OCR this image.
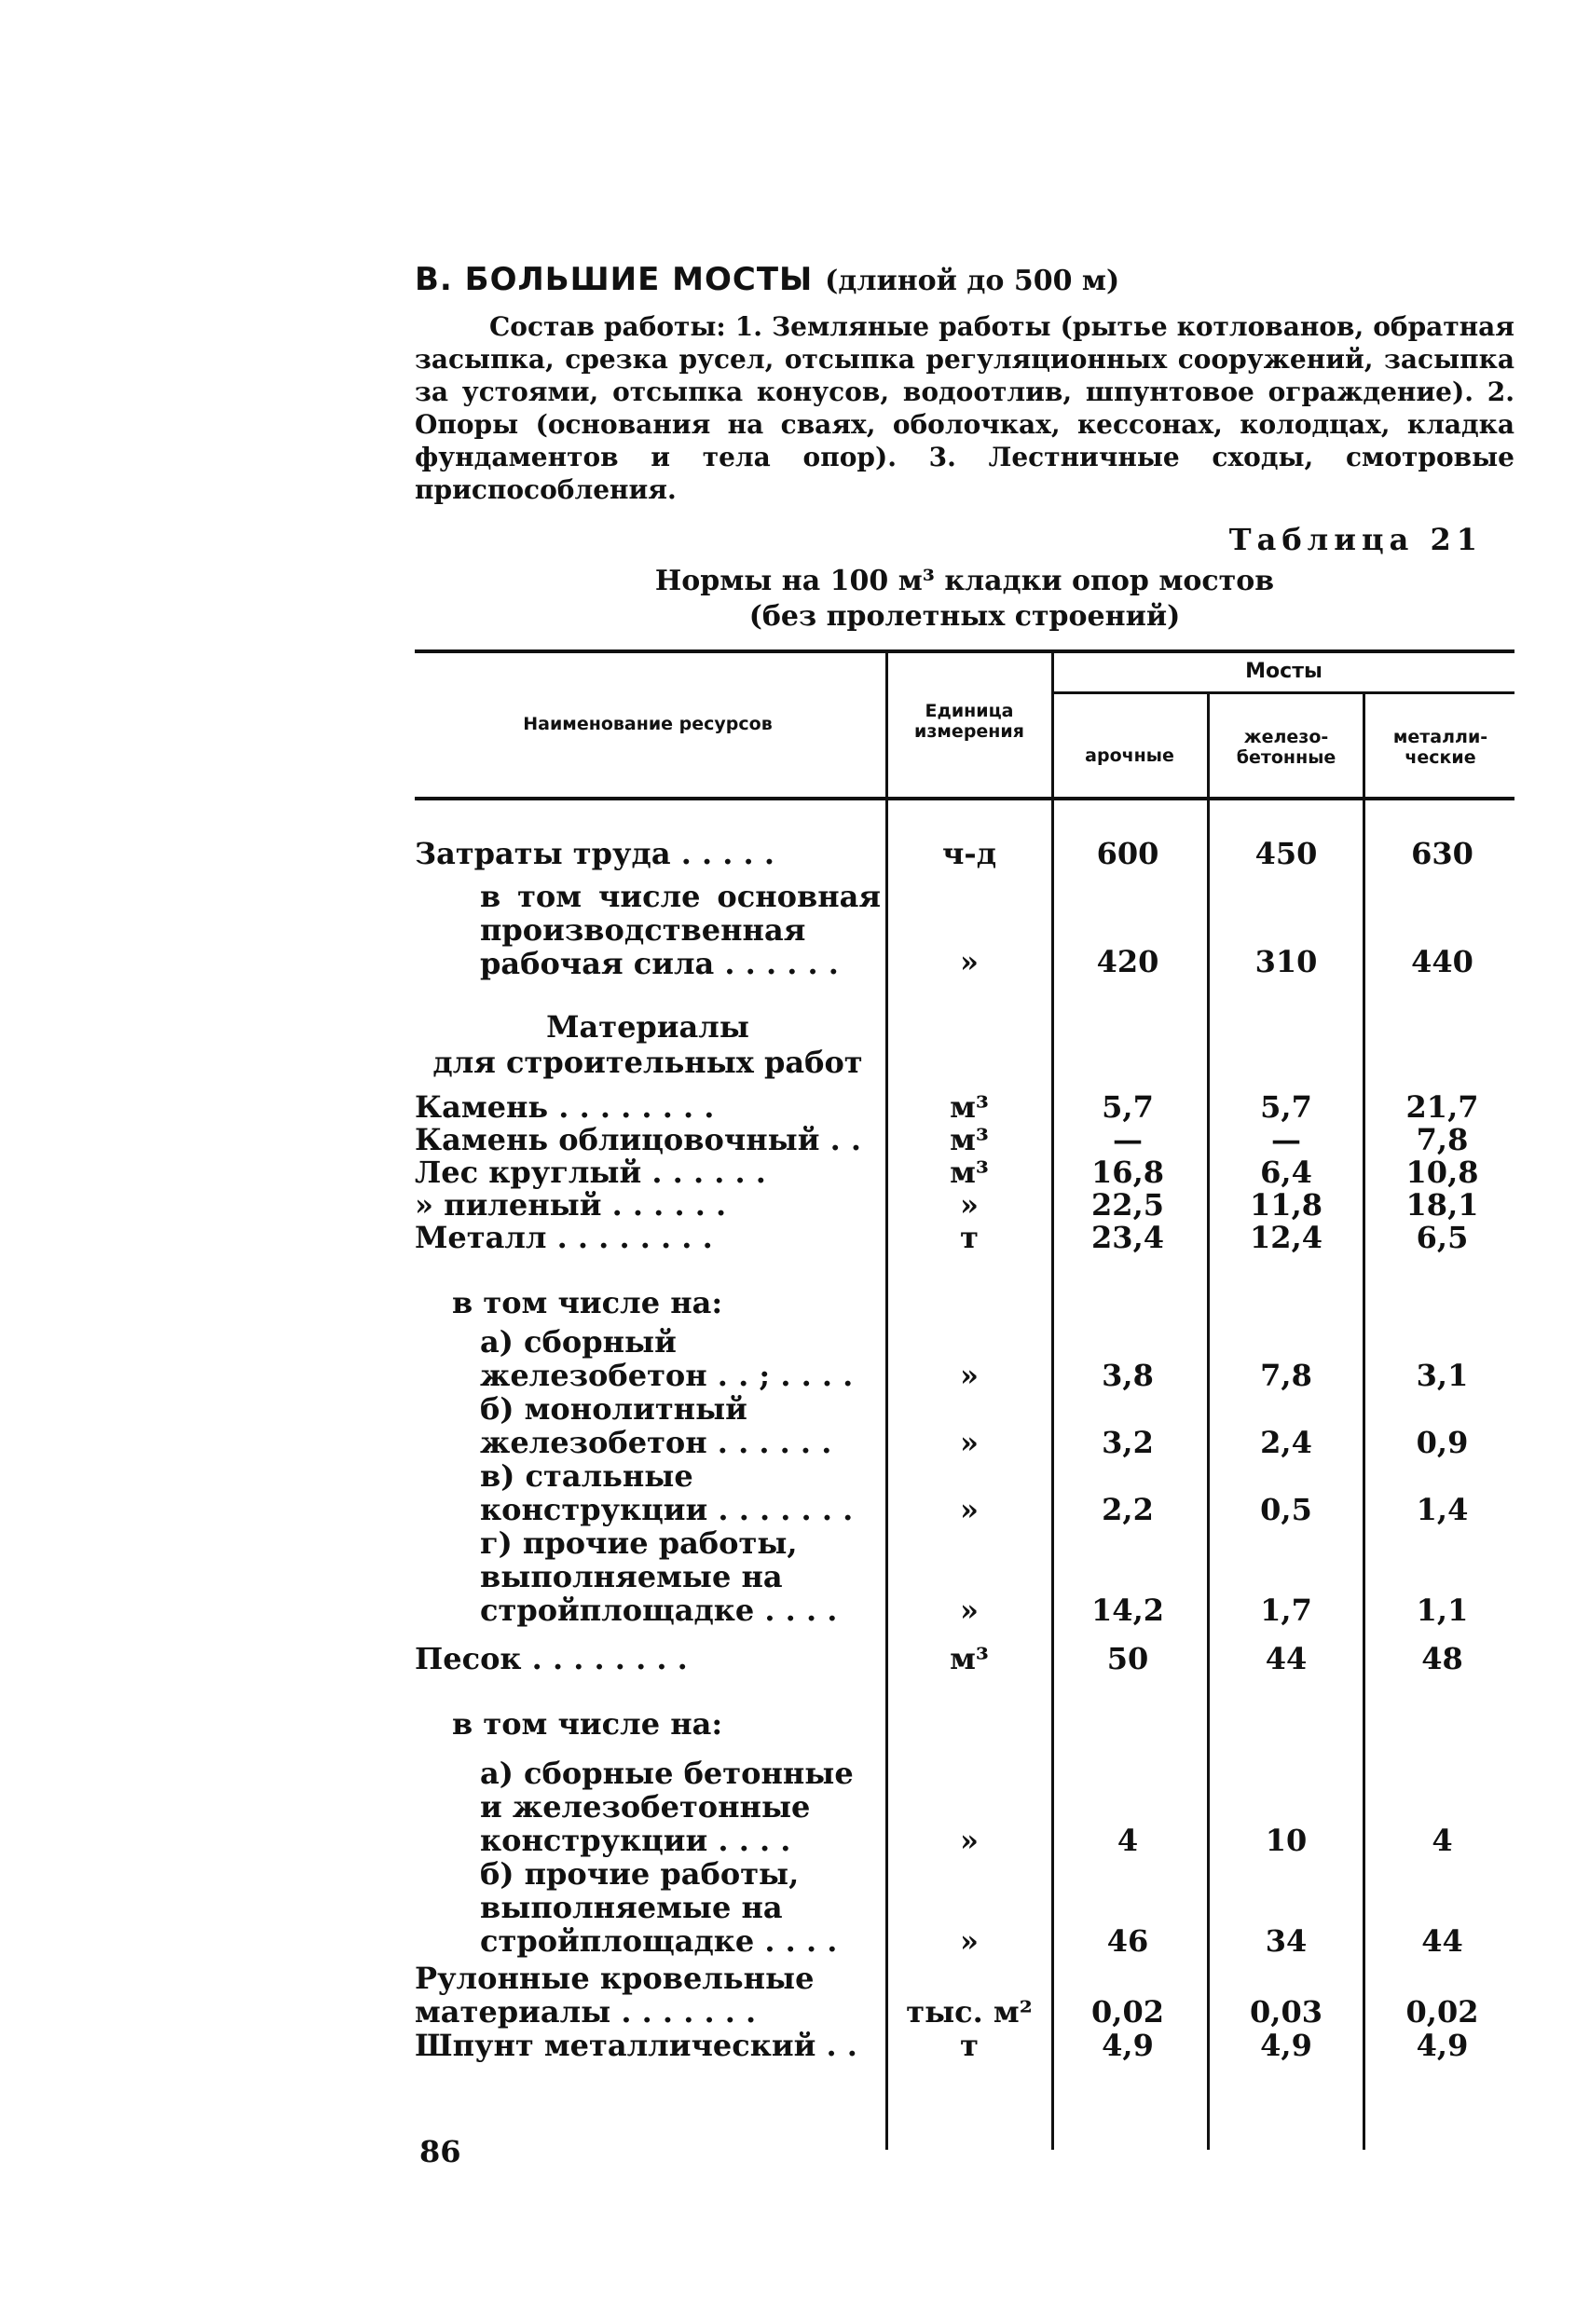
В. БОЛЬШИЕ МОСТЫ (длиной до 500 м)
Состав работы: 1. Земляные работы (рытье котлованов, обратная засыпка, срезка русел, отсыпка регуляционных сооружений, засыпка за устоями, отсыпка конусов, водоотлив, шпунтовое ограждение). 2. Опоры (основания на сваях, оболочках, кессонах, колодцах, кладка фундаментов и тела опор). 3. Лестничные сходы, смотровые приспособления.
Таблица 21
Нормы на 100 м³ кладки опор мостов
(без пролетных строений)
Наименование ресурсов
Единица измерения
Мосты
арочные
железо-бетонные
металли-ческие
Затраты труда . . . . .	ч-д	600	450	630
в том числе основная производственная рабочая сила . . . . . .	»	420	310	440
Материалы
для строительных работ
Камень . . . . . . . .	м³	5,7	5,7	21,7
Камень облицовочный . .	м³	—	—	7,8
Лес круглый . . . . . .	м³	16,8	6,4	10,8
» пиленый . . . . . .	»	22,5	11,8	18,1
Металл . . . . . . . .	т	23,4	12,4	6,5
в том числе на:
а) сборный железобетон . . ; . . . .	»	3,8	7,8	3,1
б) монолитный железобетон . . . . . .	»	3,2	2,4	0,9
в) стальные конструкции . . . . . . .	»	2,2	0,5	1,4
г) прочие работы, выполняемые на стройплощадке . . . .	»	14,2	1,7	1,1
Песок . . . . . . . .	м³	50	44	48
в том числе на:
а) сборные бетонные и железобетонные конструкции . . . .	»	4	10	4
б) прочие работы, выполняемые на стройплощадке . . . .	»	46	34	44
Рулонные кровельные материалы . . . . . . .	тыс. м²	0,02	0,03	0,02
Шпунт металлический . .	т	4,9	4,9	4,9
86
